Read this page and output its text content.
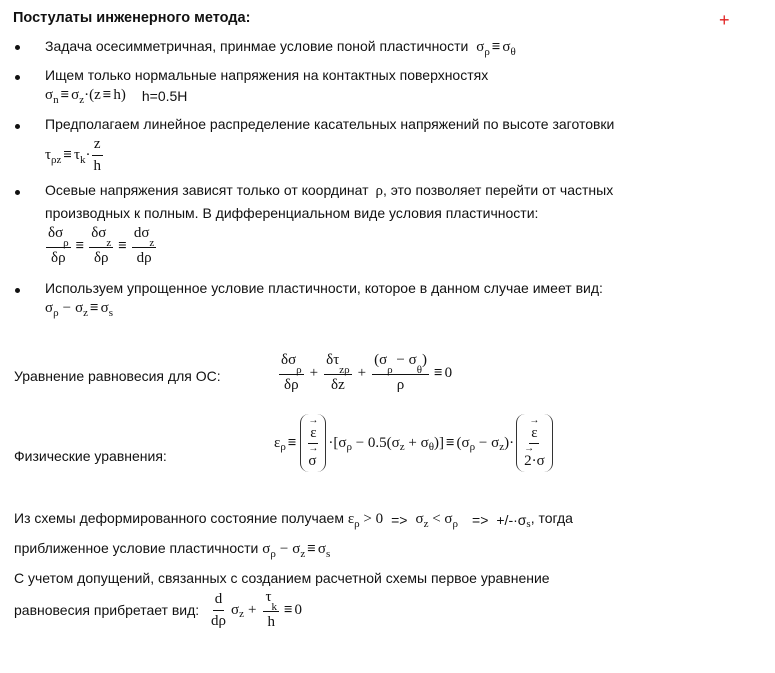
Постулаты инженерного метода:	+
Задача осесимметричная, принмае условие поной пластичности $\sigma_\rho \equiv \sigma_\theta$
Ищем только нормальные напряжения на контактных поверхностях
$\sigma_n \equiv \sigma_z \cdot(z \equiv h)$ h=0.5H
Предполагаем линейное распределение касательных напряжений по высоте заготовки
$\tau_{\rho z} \equiv \tau_k \cdot \frac{z}{h}$
Осевые напряжения зависят только от координат ρ, это позволяет перейти от частных
производных к полным. В дифференциальном виде условия пластичности:
$\frac{\delta\sigma_\rho}{\delta\rho} \equiv \frac{\delta\sigma_z}{\delta\rho} \equiv \frac{d\sigma_z}{d\rho}$
Используем упрощенное условие пластичности, которое в данном случае имеет вид:
$\sigma_\rho - \sigma_z \equiv \sigma_s$
Уравнение равновесия для ОС:	$\frac{\delta\sigma_\rho}{\delta\rho} + \frac{\delta\tau_{z\rho}}{\delta z} + \frac{(\sigma_\rho - \sigma_\theta)}{\rho} \equiv 0$
Физические уравнения:
$\varepsilon_\rho$ ≡
→
ε
→
σ
· [$\sigma_\rho$
− $0.5(\sigma_z$
+ $\sigma_\theta$ )] ≡ ($\sigma_\rho$
− $\sigma_z$ )·
→
ε
→
2·σ
Из схемы деформированного состояние получаем $\varepsilon_\rho$
> $0 => \sigma_z$
< $\sigma_\rho => +/-\cdot\sigma_s$ , тогда
приближенное условие пластичности $\sigma_\rho - \sigma_z \equiv \sigma_s$
С учетом допущений, связанных с созданием расчетной схемы первое уравнение
равновесия прибретает вид: $\frac{d}{d\rho} \sigma_z + \frac{\tau_k}{h} \equiv 0$
